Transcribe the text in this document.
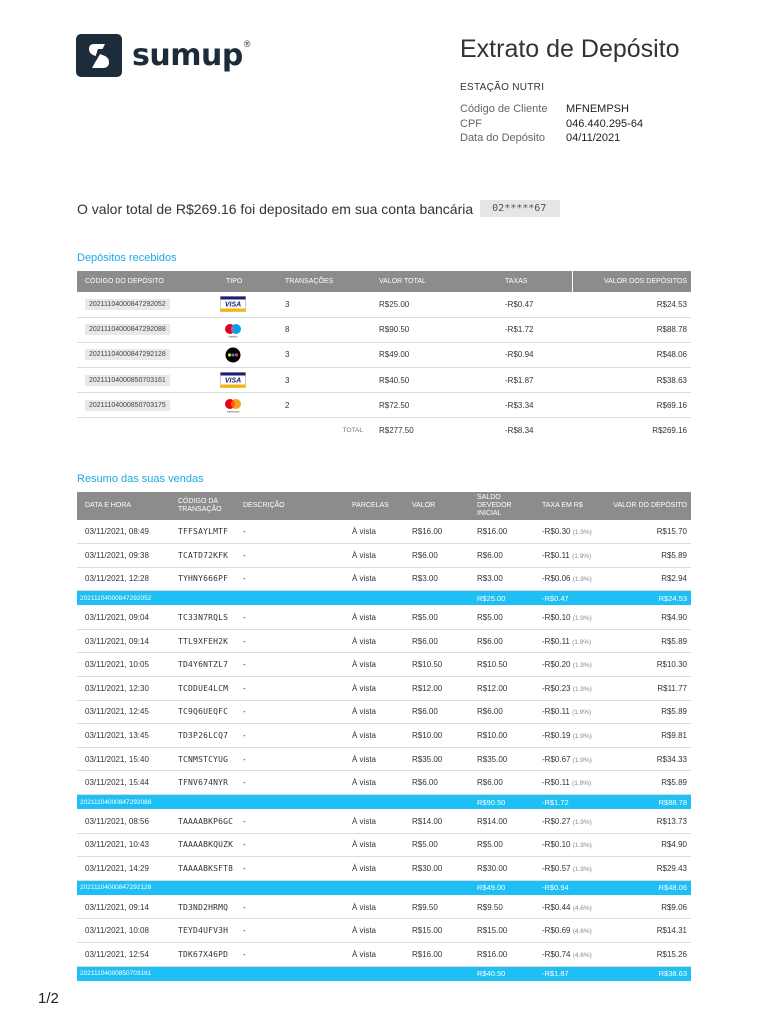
sumup ®	Extrato de Depósito
ESTAÇÃO NUTRI
Código de Cliente	MFNEMPSH
CPF	046.440.295-64
Data do Depósito	04/11/2021
O valor total de R$269.16 foi depositado em sua conta bancária	02*****67
Depósitos recebidos
CÓDIGO DO DEPÓSITO	TIPO	TRANSAÇÕES	VALOR TOTAL	TAXAS	VALOR DOS DEPÓSITOS
20211104000847292052	VISA	3	R$25.00	-R$0.47	R$24.53
20211104000847292088	maestro	8	R$90.50	-R$1.72	R$88.78
20211104000847292128		3	R$49.00	-R$0.94	R$48.06
20211104000850703161	VISA	3	R$40.50	-R$1.87	R$38.63
20211104000850703175	mastercard	2	R$72.50	-R$3.34	R$69.16
TOTAL			R$277.50	-R$8.34	R$269.16
Resumo das suas vendas
DATA E HORA	CÓDIGO DA TRANSAÇÃO	DESCRIÇÃO	PARCELAS	VALOR	SALDO DEVEDOR INICIAL	TAXA EM R$	VALOR DO DEPÓSITO
03/11/2021, 08:49	TFFSAYLMTF	-	À vista	R$16.00	R$16.00	-R$0.30 (1.9%)	R$15.70
03/11/2021, 09:38	TCATD72KFK	-	À vista	R$6.00	R$6.00	-R$0.11 (1.9%)	R$5.89
03/11/2021, 12:28	TYHNY666PF	-	À vista	R$3.00	R$3.00	-R$0.06 (1.9%)	R$2.94
20211104000847292052					R$25.00	-R$0.47	R$24.53
03/11/2021, 09:04	TC33N7RQLS	-	À vista	R$5.00	R$5.00	-R$0.10 (1.9%)	R$4.90
03/11/2021, 09:14	TTL9XFEH2K	-	À vista	R$6.00	R$6.00	-R$0.11 (1.9%)	R$5.89
03/11/2021, 10:05	TD4Y6NTZL7	-	À vista	R$10.50	R$10.50	-R$0.20 (1.9%)	R$10.30
03/11/2021, 12:30	TCDDUE4LCM	-	À vista	R$12.00	R$12.00	-R$0.23 (1.9%)	R$11.77
03/11/2021, 12:45	TC9Q6UEQFC	-	À vista	R$6.00	R$6.00	-R$0.11 (1.9%)	R$5.89
03/11/2021, 13:45	TD3P26LCQ7	-	À vista	R$10.00	R$10.00	-R$0.19 (1.9%)	R$9.81
03/11/2021, 15:40	TCNMSTCYUG	-	À vista	R$35.00	R$35.00	-R$0.67 (1.9%)	R$34.33
03/11/2021, 15:44	TFNV674NYR	-	À vista	R$6.00	R$6.00	-R$0.11 (1.9%)	R$5.89
20211104000847292088					R$90.50	-R$1.72	R$88.78
03/11/2021, 08:56	TAAAABKP6GC	-	À vista	R$14.00	R$14.00	-R$0.27 (1.9%)	R$13.73
03/11/2021, 10:43	TAAAABKQUZK	-	À vista	R$5.00	R$5.00	-R$0.10 (1.9%)	R$4.90
03/11/2021, 14:29	TAAAABKSFT8	-	À vista	R$30.00	R$30.00	-R$0.57 (1.9%)	R$29.43
20211104000847292128					R$49.00	-R$0.94	R$48.06
03/11/2021, 09:14	TD3ND2HRMQ	-	À vista	R$9.50	R$9.50	-R$0.44 (4.6%)	R$9.06
03/11/2021, 10:08	TEYD4UFV3H	-	À vista	R$15.00	R$15.00	-R$0.69 (4.6%)	R$14.31
03/11/2021, 12:54	TDK67X46PD	-	À vista	R$16.00	R$16.00	-R$0.74 (4.6%)	R$15.26
20211104000850703161					R$40.50	-R$1.87	R$38.63
1/2
